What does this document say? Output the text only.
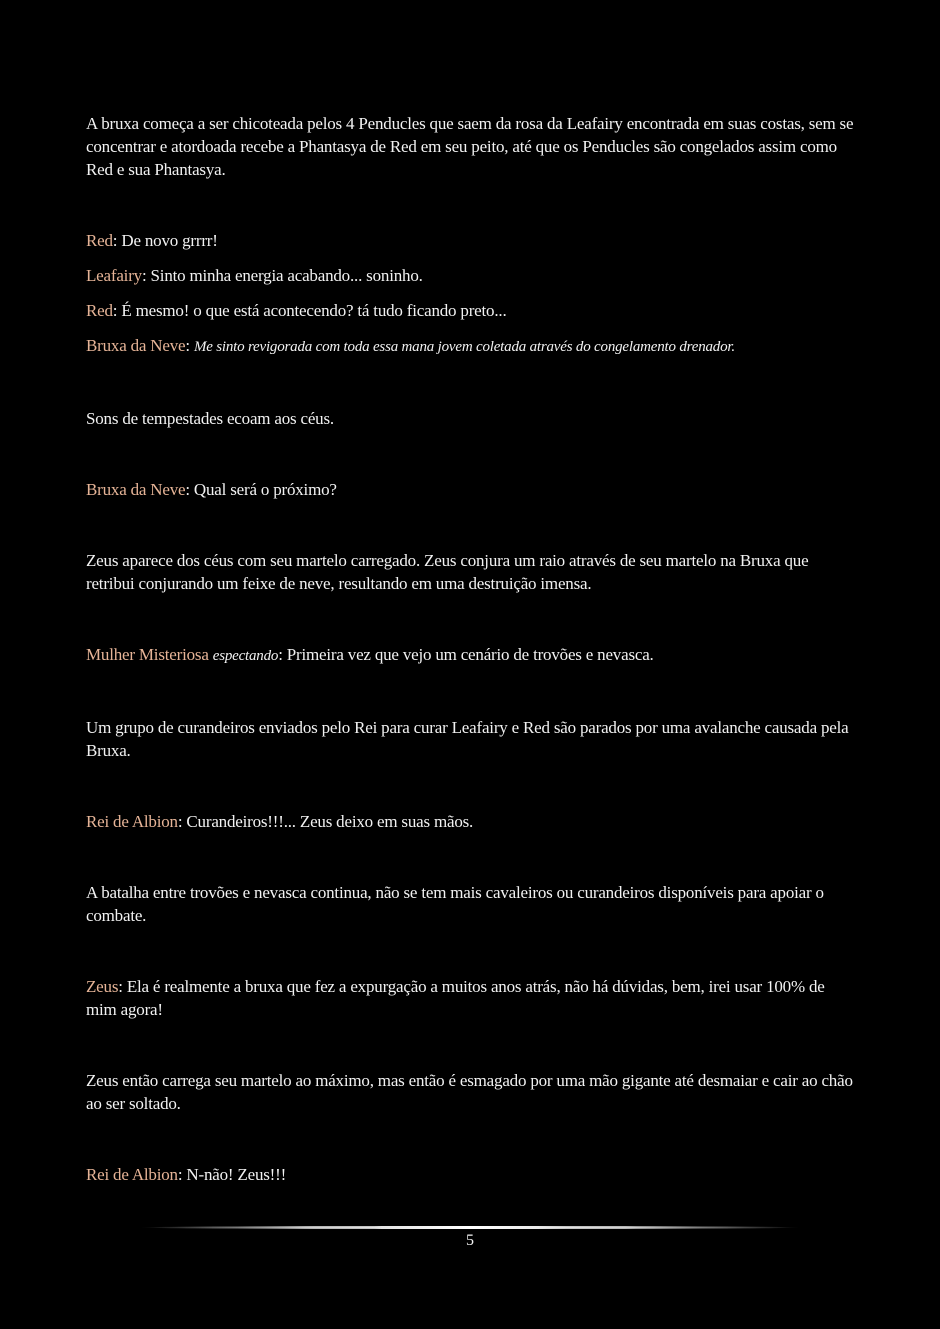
A bruxa começa a ser chicoteada pelos 4 Penducles que saem da rosa da Leafairy encontrada em suas costas, sem se concentrar e atordoada recebe a Phantasya de Red em seu peito, até que os Penducles são congelados assim como Red e sua Phantasya.

Red: De novo grrrr!

Leafairy: Sinto minha energia acabando... soninho.

Red: É mesmo! o que está acontecendo? tá tudo ficando preto...

Bruxa da Neve: Me sinto revigorada com toda essa mana jovem coletada através do congelamento drenador.

Sons de tempestades ecoam aos céus.

Bruxa da Neve: Qual será o próximo?

Zeus aparece dos céus com seu martelo carregado. Zeus conjura um raio através de seu martelo na Bruxa que retribui conjurando um feixe de neve, resultando em uma destruição imensa.

Mulher Misteriosa espectando: Primeira vez que vejo um cenário de trovões e nevasca.

Um grupo de curandeiros enviados pelo Rei para curar Leafairy e Red são parados por uma avalanche causada pela Bruxa.

Rei de Albion: Curandeiros!!!... Zeus deixo em suas mãos.

A batalha entre trovões e nevasca continua, não se tem mais cavaleiros ou curandeiros disponíveis para apoiar o combate.

Zeus: Ela é realmente a bruxa que fez a expurgação a muitos anos atrás, não há dúvidas, bem, irei usar 100% de mim agora!

Zeus então carrega seu martelo ao máximo, mas então é esmagado por uma mão gigante até desmaiar e cair ao chão ao ser soltado.

Rei de Albion: N-não! Zeus!!!

5
